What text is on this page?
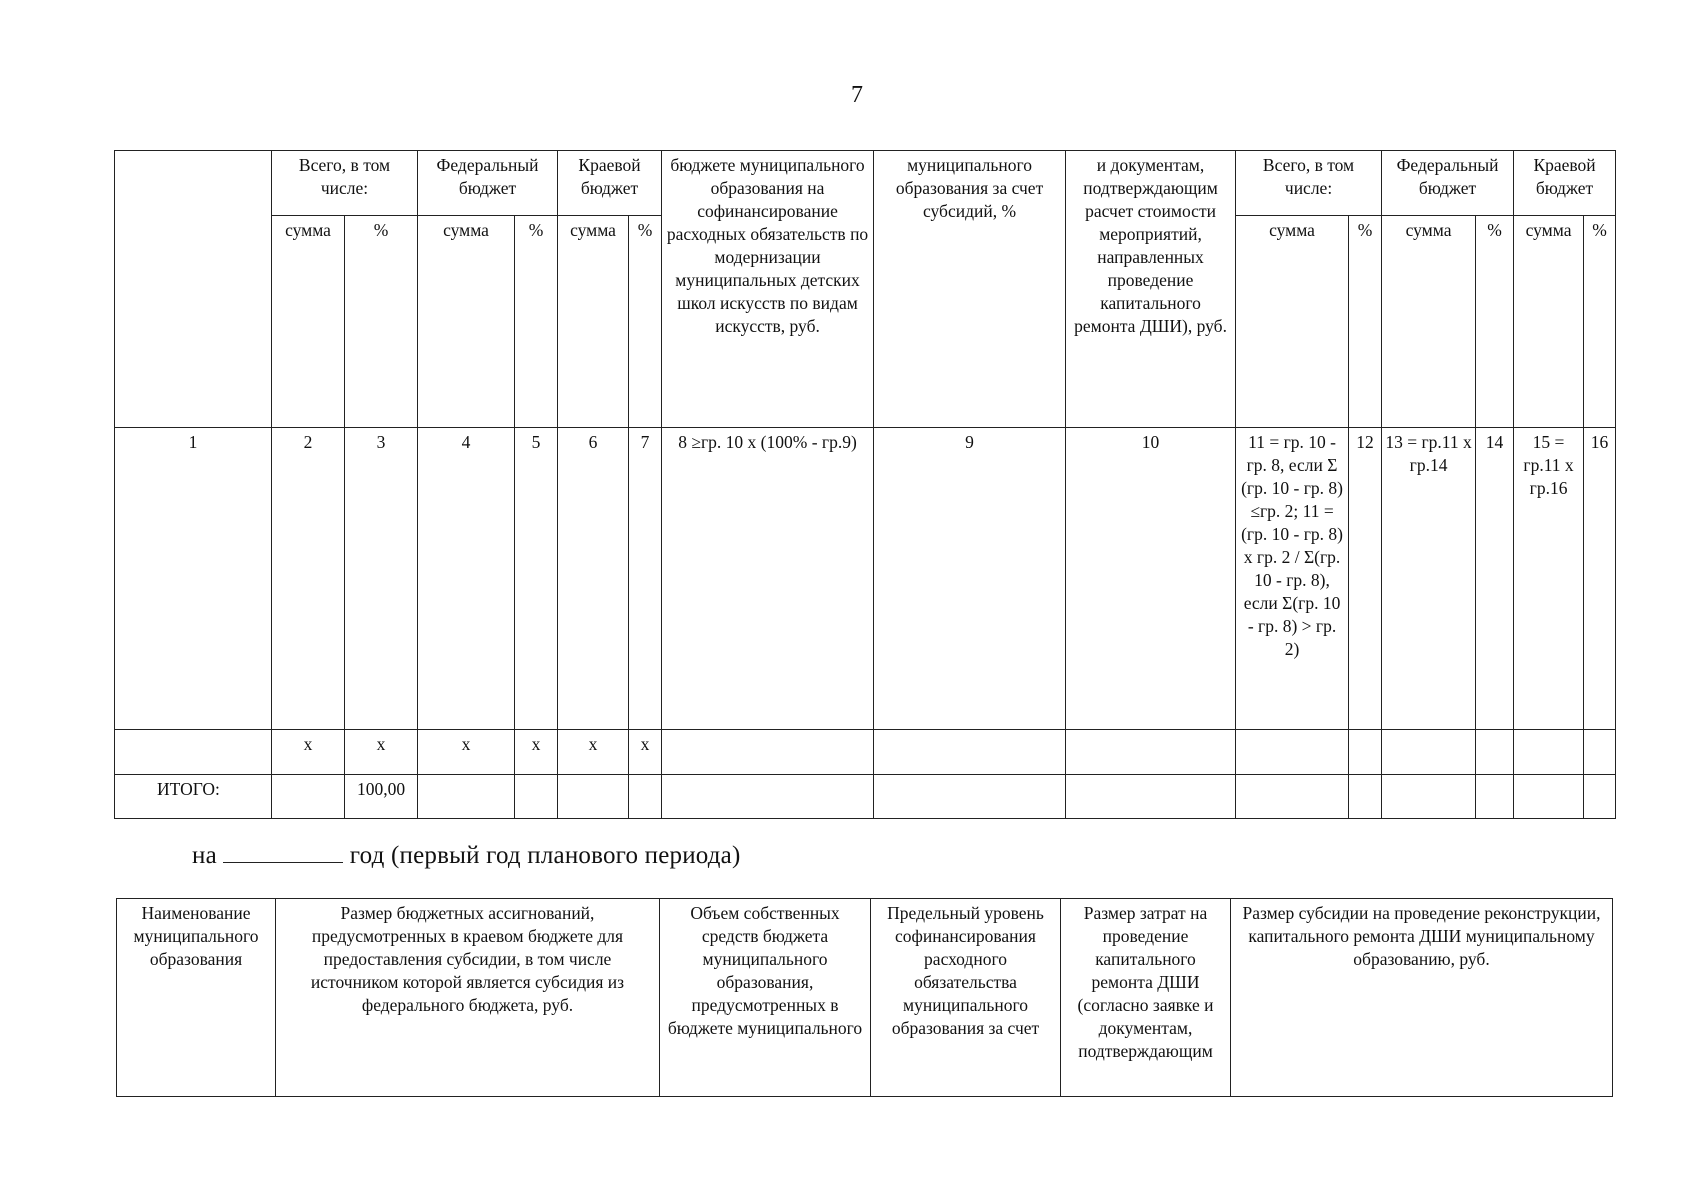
7
	Всего, в том числе:		Федеральный бюджет		Краевой бюджет		бюджете муниципального образования на софинансирование расходных обязательств по модернизации муниципальных детских школ искусств по видам искусств, руб.	муниципального образования за счет субсидий, %	и документам, подтверждающим расчет стоимости мероприятий, направленных проведение капитального ремонта ДШИ), руб.	Всего, в том числе:		Федеральный бюджет		Краевой бюджет	
	сумма	%	сумма	%	сумма	%				сумма	%	сумма	%	сумма	%
1	2	3	4	5	6	7	8 ≥гр. 10 x (100% - гр.9)	9	10	11 = гр. 10 - гр. 8, если Σ (гр. 10 - гр. 8) ≤гр. 2; 11 = (гр. 10 - гр. 8) x гр. 2 / Σ(гр. 10 - гр. 8), если Σ(гр. 10 - гр. 8) > гр. 2)	12	13 = гр.11 x гр.14	14	15 = гр.11 x гр.16	16
	x	x	x	x	x	x									
ИТОГО:		100,00													
на	год (первый год планового периода)
Наименование муниципального образования	Размер бюджетных ассигнований, предусмотренных в краевом бюджете для предоставления субсидии, в том числе источником которой является субсидия из федерального бюджета, руб.	Объем собственных средств бюджета муниципального образования, предусмотренных в бюджете муниципального	Предельный уровень софинансирования расходного обязательства муниципального образования за счет	Размер затрат на проведение капитального ремонта ДШИ (согласно заявке и документам, подтверждающим	Размер субсидии на проведение реконструкции, капитального ремонта ДШИ муниципальному образованию, руб.
